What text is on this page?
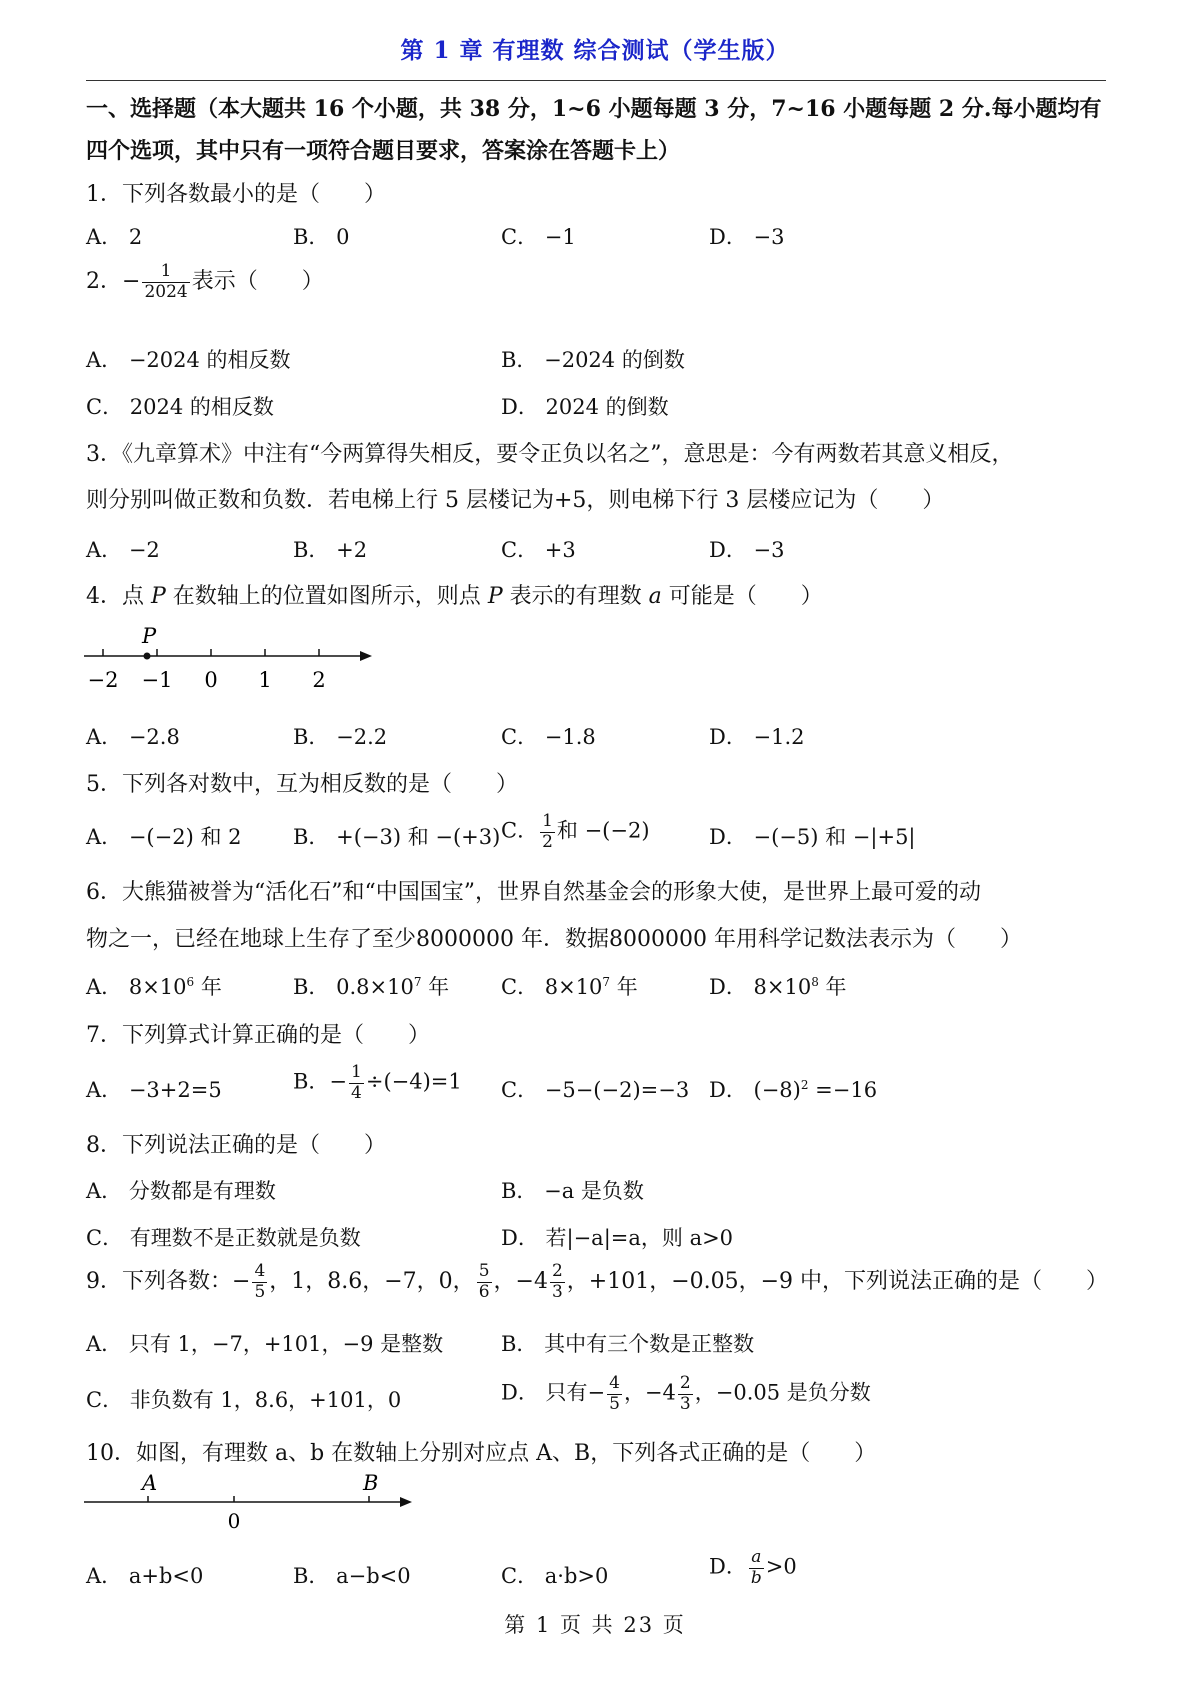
第 1 章 有理数 综合测试（学生版）
一、选择题（本大题共 16 个小题，共 38 分，1~6 小题每题 3 分，7~16 小题每题 2 分.每小题均有
四个选项，其中只有一项符合题目要求，答案涂在答题卡上）
1．下列各数最小的是（　　）
A． 2	B． 0	C． −1	D． −3
2．− $\frac{1}{2024}$ 表示（　　）
A． −2024 的相反数	B． −2024 的倒数
C． 2024 的相反数	D． 2024 的倒数
3．《九章算术》中注有“今两算得失相反，要令正负以名之”，意思是：今有两数若其意义相反，
则分别叫做正数和负数．若电梯上行 5 层楼记为+5，则电梯下行 3 层楼应记为（　　）
A． −2	B． +2	C． +3	D． −3
4．点 P 在数轴上的位置如图所示，则点 P 表示的有理数 a 可能是（　　）
P
−2 −1 0 1 2
A． −2.8	B． −2.2	C． −1.8	D． −1.2
5．下列各对数中，互为相反数的是（　　）
A． −(−2) 和 2 B． +(−3) 和 −(+3) C． $\frac{1}{2}$ 和 −(−2)	D． −(−5) 和 −|+5|
6．大熊猫被誉为“活化石”和“中国国宝”，世界自然基金会的形象大使，是世界上最可爱的动
物之一，已经在地球上生存了至少8000000 年．数据8000000 年用科学记数法表示为（　　）
A． $8\times 10^6$ 年	B． $0.8\times 10^7$ 年 C． $8\times 10^7$ 年	D． $8\times 10^8$ 年
7．下列算式计算正确的是（　　）
A． −3+2=5	B．− $\frac{1}{4} \div(-4)=1$ C． −5−(−2)=−3 D． $(-8)^2 =-16$
8．下列说法正确的是（　　）
A． 分数都是有理数	B． −a 是负数
C． 有理数不是正数就是负数	D． 若|−a|=a，则 a>0
9．下列各数：− $\frac{4}{5}$ ，1，8.6，−7，0， $\frac{5}{6}$ ，$-4 \frac{2}{3}$ ，+101，−0.05，−9 中，下列说法正确的是（　　）
A． 只有 1，−7，+101，−9 是整数	B． 其中有三个数是正整数
C． 非负数有 1，8.6，+101，0	D． 只有− $\frac{4}{5}$ ，$-4 \frac{2}{3}$ ，−0.05 是负分数
10．如图，有理数 a、b 在数轴上分别对应点 A、B，下列各式正确的是（　　）
A	B
0
A． a+b<0	B． a−b<0	C． a·b>0	D． $\frac{a}{b} >0$
第 1 页 共 23 页
